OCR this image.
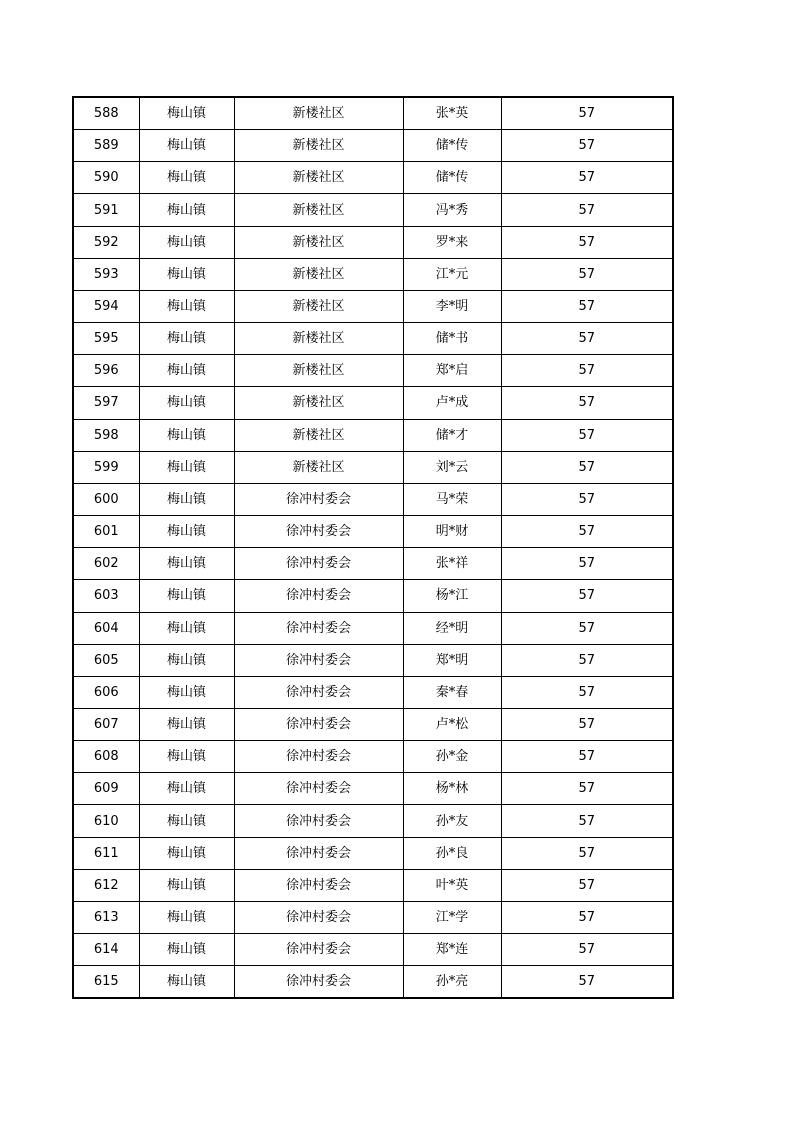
588	梅山镇	新楼社区	张*英	57
589	梅山镇	新楼社区	储*传	57
590	梅山镇	新楼社区	储*传	57
591	梅山镇	新楼社区	冯*秀	57
592	梅山镇	新楼社区	罗*来	57
593	梅山镇	新楼社区	江*元	57
594	梅山镇	新楼社区	李*明	57
595	梅山镇	新楼社区	储*书	57
596	梅山镇	新楼社区	郑*启	57
597	梅山镇	新楼社区	卢*成	57
598	梅山镇	新楼社区	储*才	57
599	梅山镇	新楼社区	刘*云	57
600	梅山镇	徐冲村委会	马*荣	57
601	梅山镇	徐冲村委会	明*财	57
602	梅山镇	徐冲村委会	张*祥	57
603	梅山镇	徐冲村委会	杨*江	57
604	梅山镇	徐冲村委会	经*明	57
605	梅山镇	徐冲村委会	郑*明	57
606	梅山镇	徐冲村委会	秦*春	57
607	梅山镇	徐冲村委会	卢*松	57
608	梅山镇	徐冲村委会	孙*金	57
609	梅山镇	徐冲村委会	杨*林	57
610	梅山镇	徐冲村委会	孙*友	57
611	梅山镇	徐冲村委会	孙*良	57
612	梅山镇	徐冲村委会	叶*英	57
613	梅山镇	徐冲村委会	江*学	57
614	梅山镇	徐冲村委会	郑*连	57
615	梅山镇	徐冲村委会	孙*亮	57
